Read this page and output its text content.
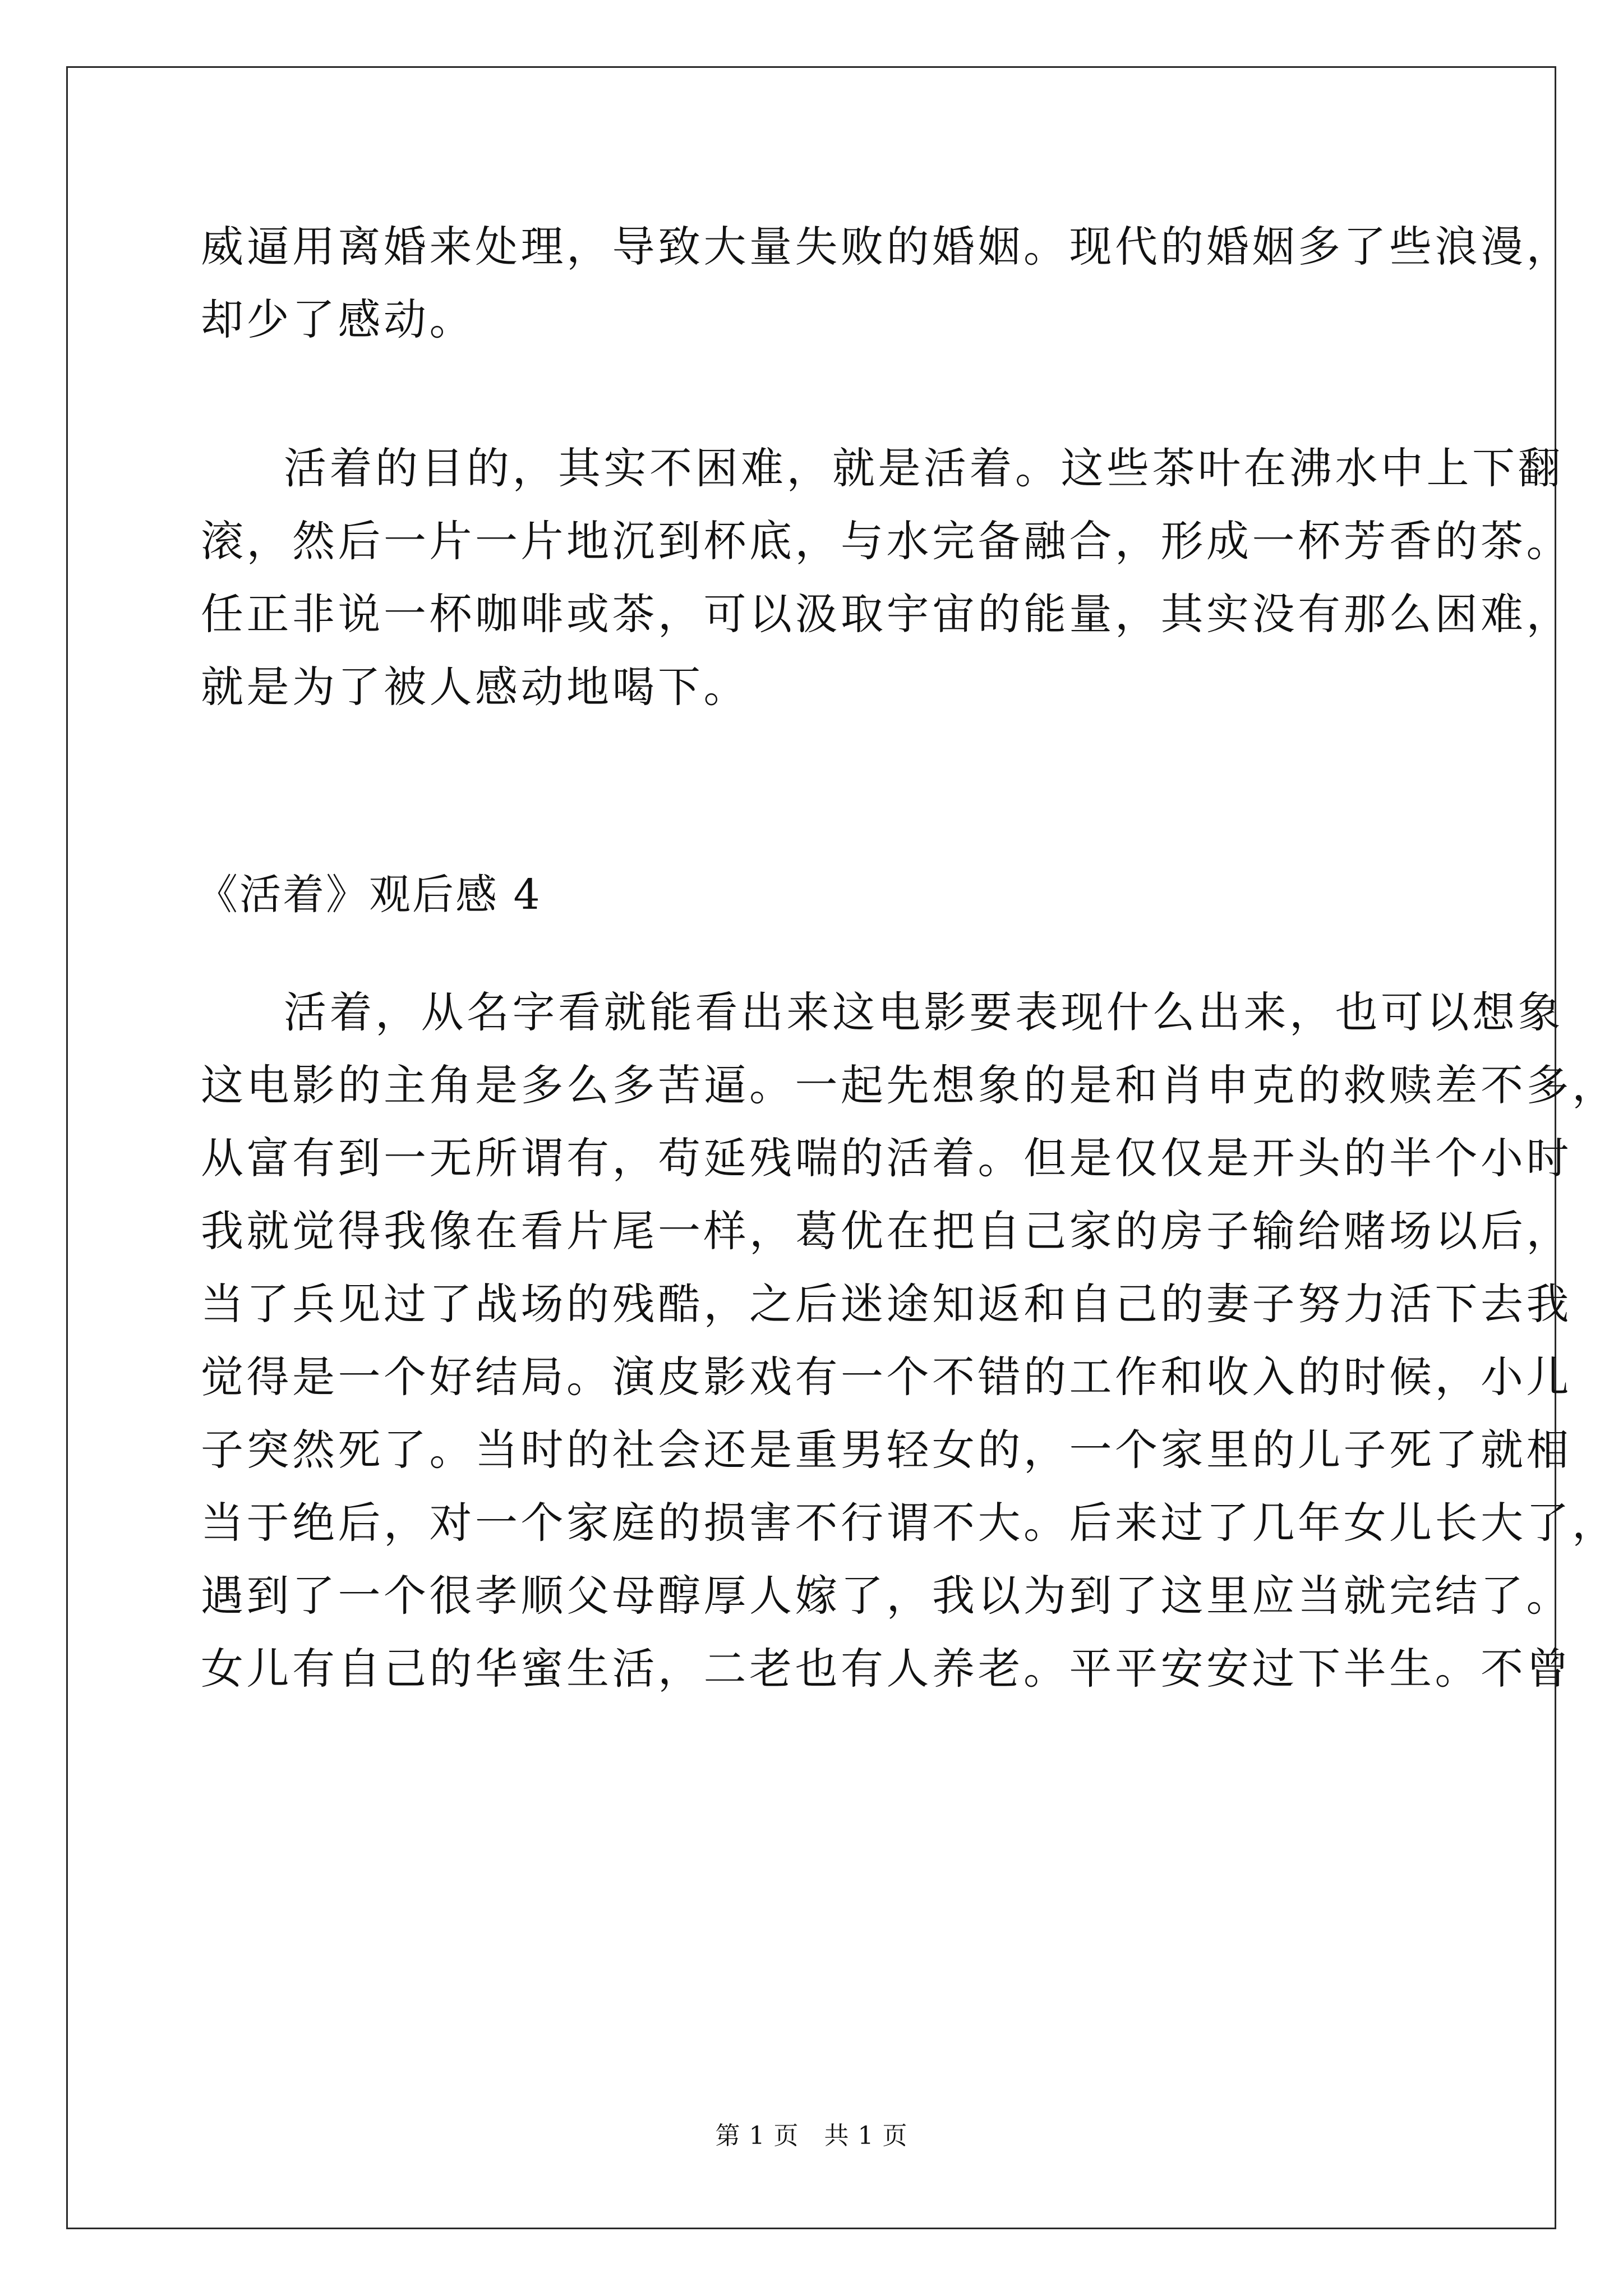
威逼用离婚来处理，导致大量失败的婚姻。现代的婚姻多了些浪漫，
却少了感动。
活着的目的，其实不困难，就是活着。这些茶叶在沸水中上下翻
滚，然后一片一片地沉到杯底，与水完备融合，形成一杯芳香的茶。
任正非说一杯咖啡或茶，可以汲取宇宙的能量，其实没有那么困难，
就是为了被人感动地喝下。
《活着》观后感 4
活着，从名字看就能看出来这电影要表现什么出来，也可以想象
这电影的主角是多么多苦逼。一起先想象的是和肖申克的救赎差不多，
从富有到一无所谓有，苟延残喘的活着。但是仅仅是开头的半个小时
我就觉得我像在看片尾一样，葛优在把自己家的房子输给赌场以后，
当了兵见过了战场的残酷，之后迷途知返和自己的妻子努力活下去我
觉得是一个好结局。演皮影戏有一个不错的工作和收入的时候，小儿
子突然死了。当时的社会还是重男轻女的，一个家里的儿子死了就相
当于绝后，对一个家庭的损害不行谓不大。后来过了几年女儿长大了，
遇到了一个很孝顺父母醇厚人嫁了，我以为到了这里应当就完结了。
女儿有自己的华蜜生活，二老也有人养老。平平安安过下半生。不曾
第 1 页   共 1 页
